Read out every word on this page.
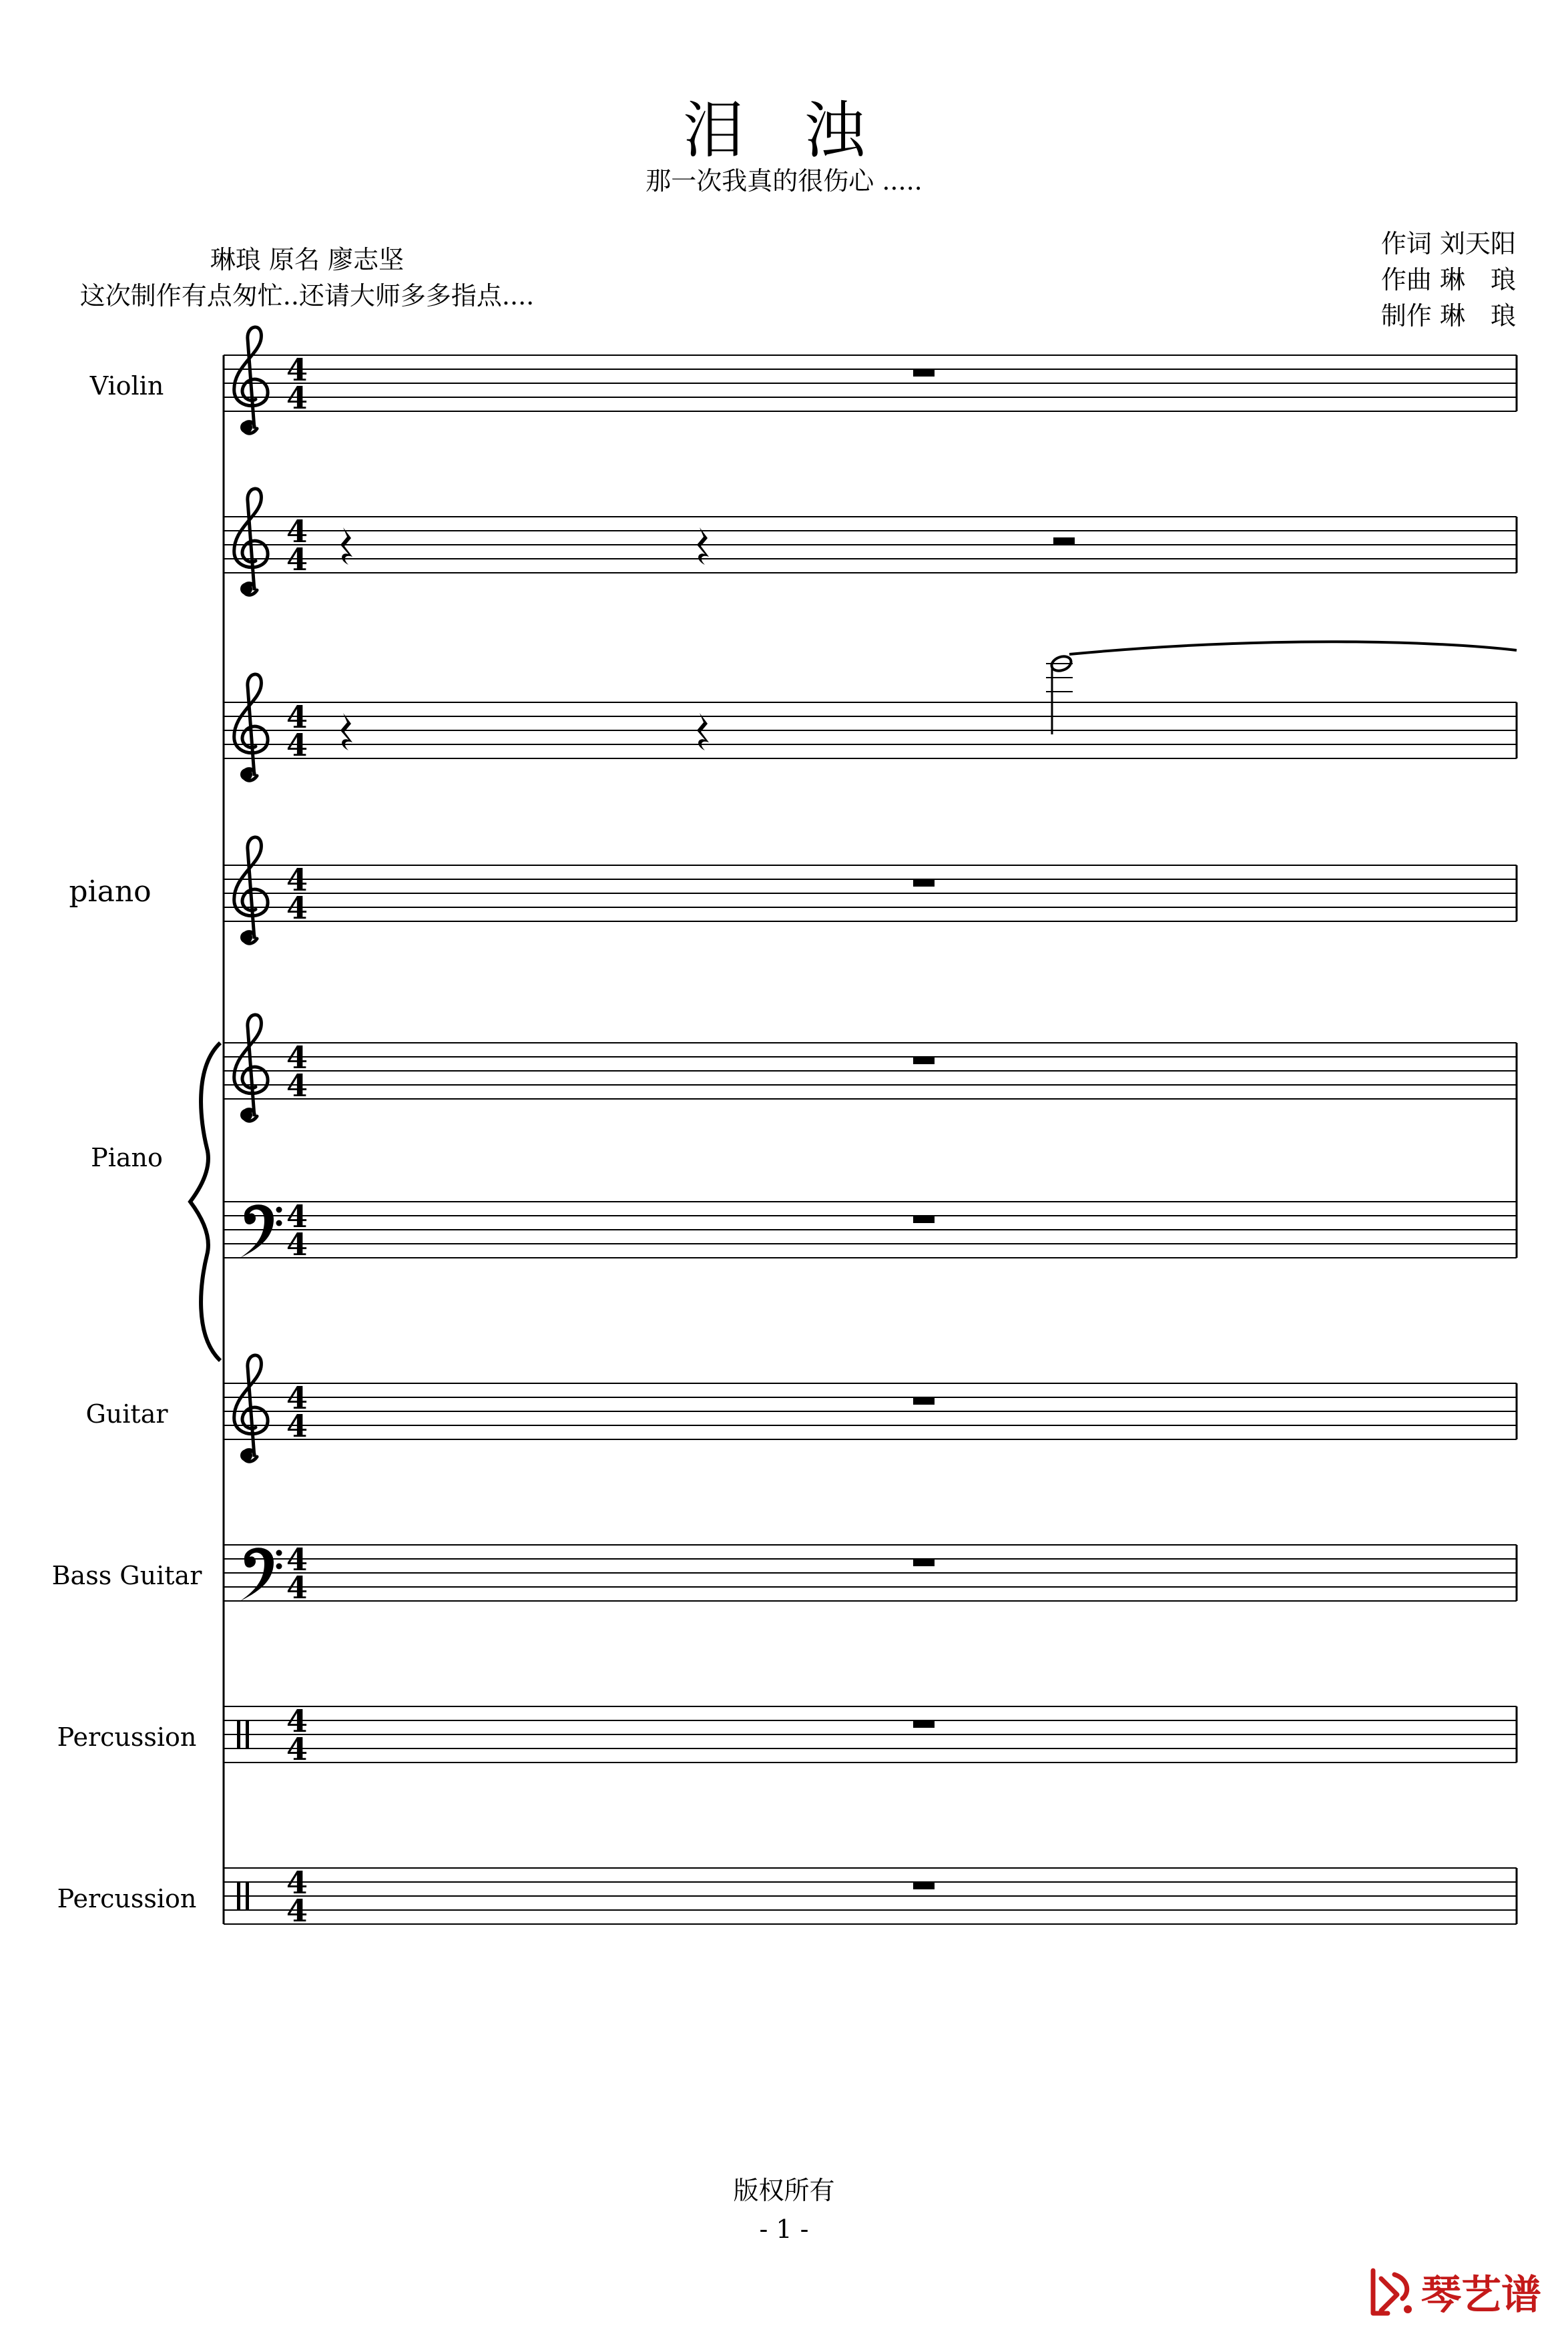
泪 浊
那一次我真的很伤心 .....
琳琅 原名 廖志坚
这次制作有点匆忙..还请大师多多指点....
作词 刘天阳
作曲 琳　琅
制作 琳　琅
Violin
piano
Piano
Guitar
Bass Guitar
Percussion
Percussion
4
4
4
4
4
4
4
4
4
4
4
4
4
4
4
4
4
4
4
4
版权所有
- 1 -
琴艺谱
